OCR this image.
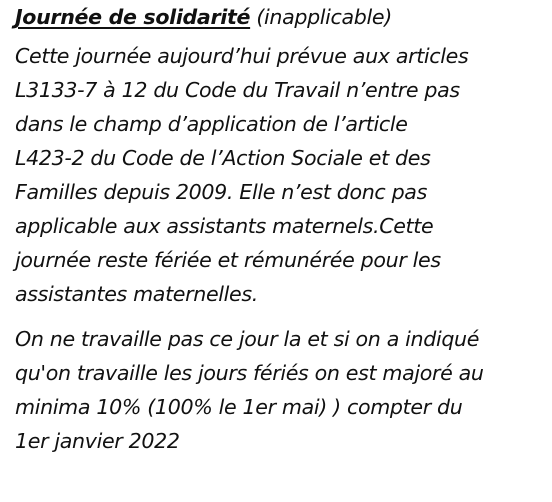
Journée de solidarité (inapplicable)

Cette journée aujourd’hui prévue aux articles
L3133-7 à 12 du Code du Travail n’entre pas
dans le champ d’application de l’article
L423-2 du Code de l’Action Sociale et des
Familles depuis 2009. Elle n’est donc pas
applicable aux assistants maternels.Cette
journée reste fériée et rémunérée pour les
assistantes maternelles.

On ne travaille pas ce jour la et si on a indiqué
qu'on travaille les jours fériés on est majoré au
minima 10% (100% le 1er mai) ) compter du
1er janvier 2022
